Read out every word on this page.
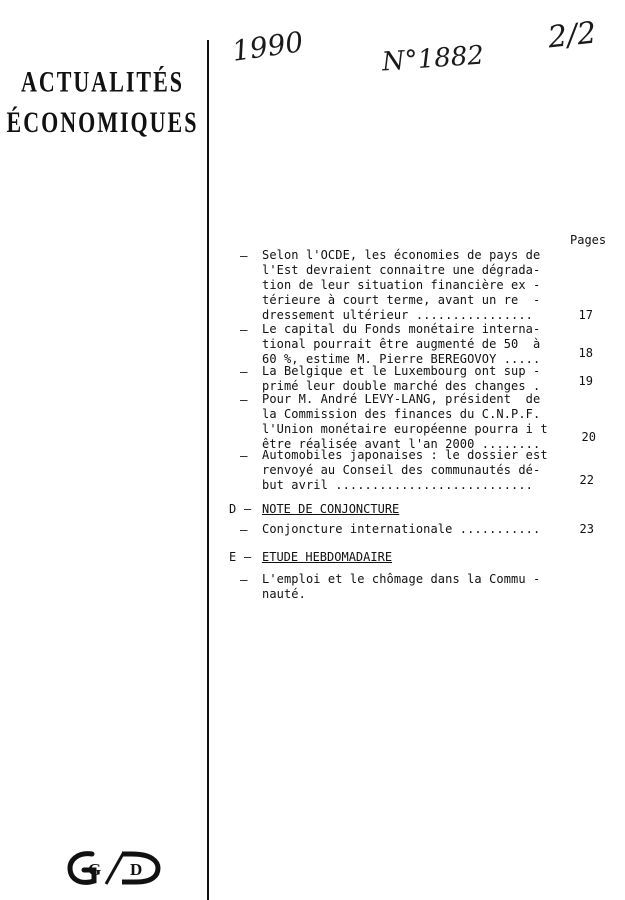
ACTUALITÉS
ÉCONOMIQUES
1990	N°1882
2/2
Pages
– Selon l'OCDE, les économies de pays de
l'Est devraient connaitre une dégrada-
tion de leur situation financière ex -
térieure à court terme, avant un re  -
dressement ultérieur ................	17
– Le capital du Fonds monétaire interna-
tional pourrait être augmenté de 50  à
60 %, estime M. Pierre BEREGOVOY .....	18
– La Belgique et le Luxembourg ont sup -
primé leur double marché des changes .	19
– Pour M. André LEVY-LANG, président  de
la Commission des finances du C.N.P.F.
l'Union monétaire européenne pourra i t
être réalisée avant l'an 2000 ........	20
– Automobiles japonaises : le dossier est
renvoyé au Conseil des communautés dé-
but avril ...........................	22
D – NOTE DE CONJONCTURE
– Conjoncture internationale ...........	23
E – ETUDE HEBDOMADAIRE
– L'emploi et le chômage dans la Commu -
nauté.
G D
